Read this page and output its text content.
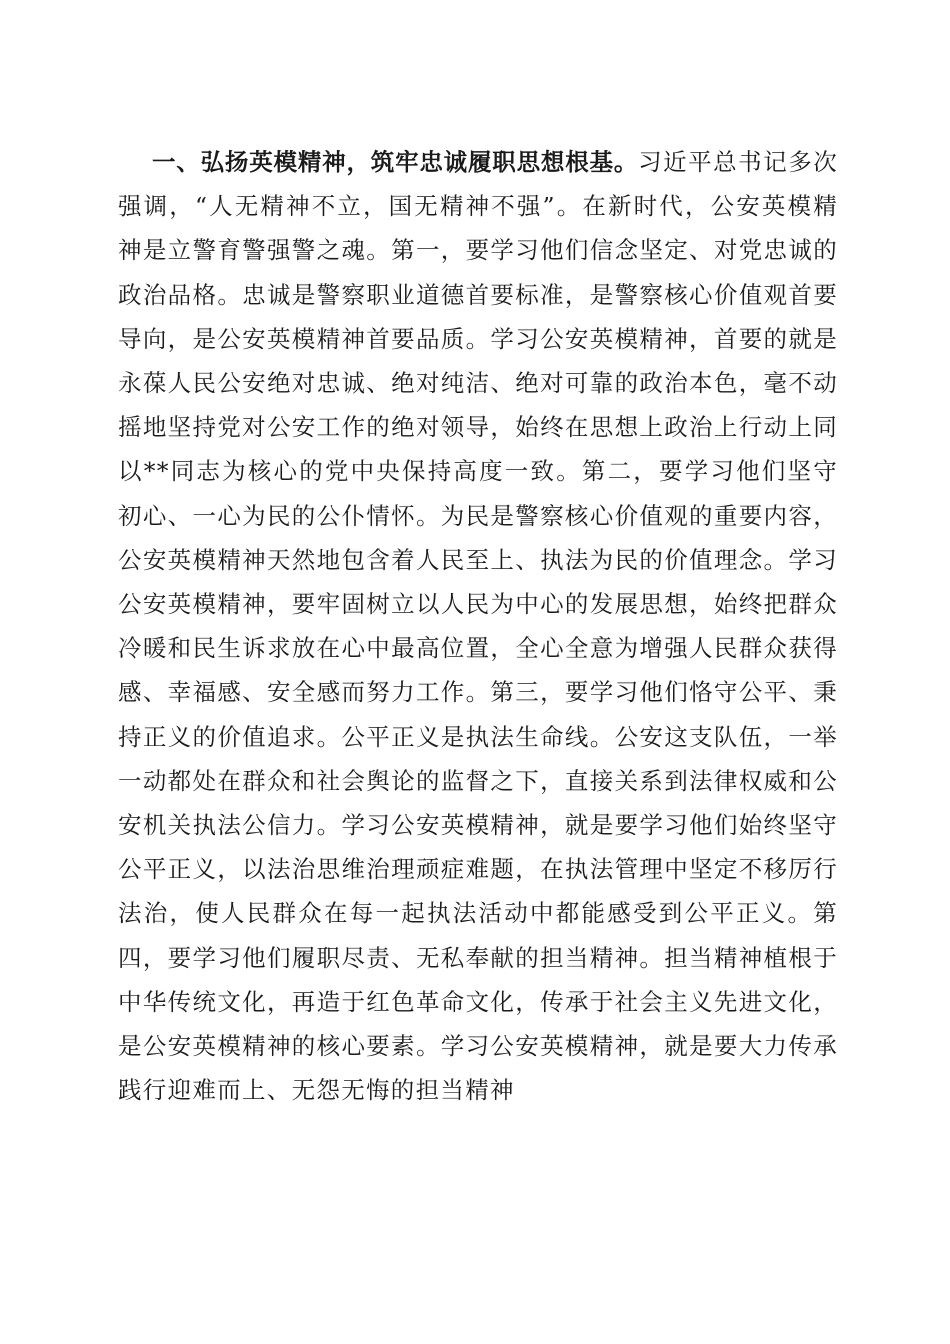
一、弘扬英模精神，筑牢忠诚履职思想根基。习近平总书记多次强调，“人无精神不立，国无精神不强”。在新时代，公安英模精神是立警育警强警之魂。第一，要学习他们信念坚定、对党忠诚的政治品格。忠诚是警察职业道德首要标准，是警察核心价值观首要导向，是公安英模精神首要品质。学习公安英模精神，首要的就是永葆人民公安绝对忠诚、绝对纯洁、绝对可靠的政治本色，毫不动摇地坚持党对公安工作的绝对领导，始终在思想上政治上行动上同以**同志为核心的党中央保持高度一致。第二，要学习他们坚守初心、一心为民的公仆情怀。为民是警察核心价值观的重要内容，公安英模精神天然地包含着人民至上、执法为民的价值理念。学习公安英模精神，要牢固树立以人民为中心的发展思想，始终把群众冷暖和民生诉求放在心中最高位置，全心全意为增强人民群众获得感、幸福感、安全感而努力工作。第三，要学习他们恪守公平、秉持正义的价值追求。公平正义是执法生命线。公安这支队伍，一举一动都处在群众和社会舆论的监督之下，直接关系到法律权威和公安机关执法公信力。学习公安英模精神，就是要学习他们始终坚守公平正义，以法治思维治理顽症难题，在执法管理中坚定不移厉行法治，使人民群众在每一起执法活动中都能感受到公平正义。第四，要学习他们履职尽责、无私奉献的担当精神。担当精神植根于中华传统文化，再造于红色革命文化，传承于社会主义先进文化，是公安英模精神的核心要素。学习公安英模精神，就是要大力传承践行迎难而上、无怨无悔的担当精神
